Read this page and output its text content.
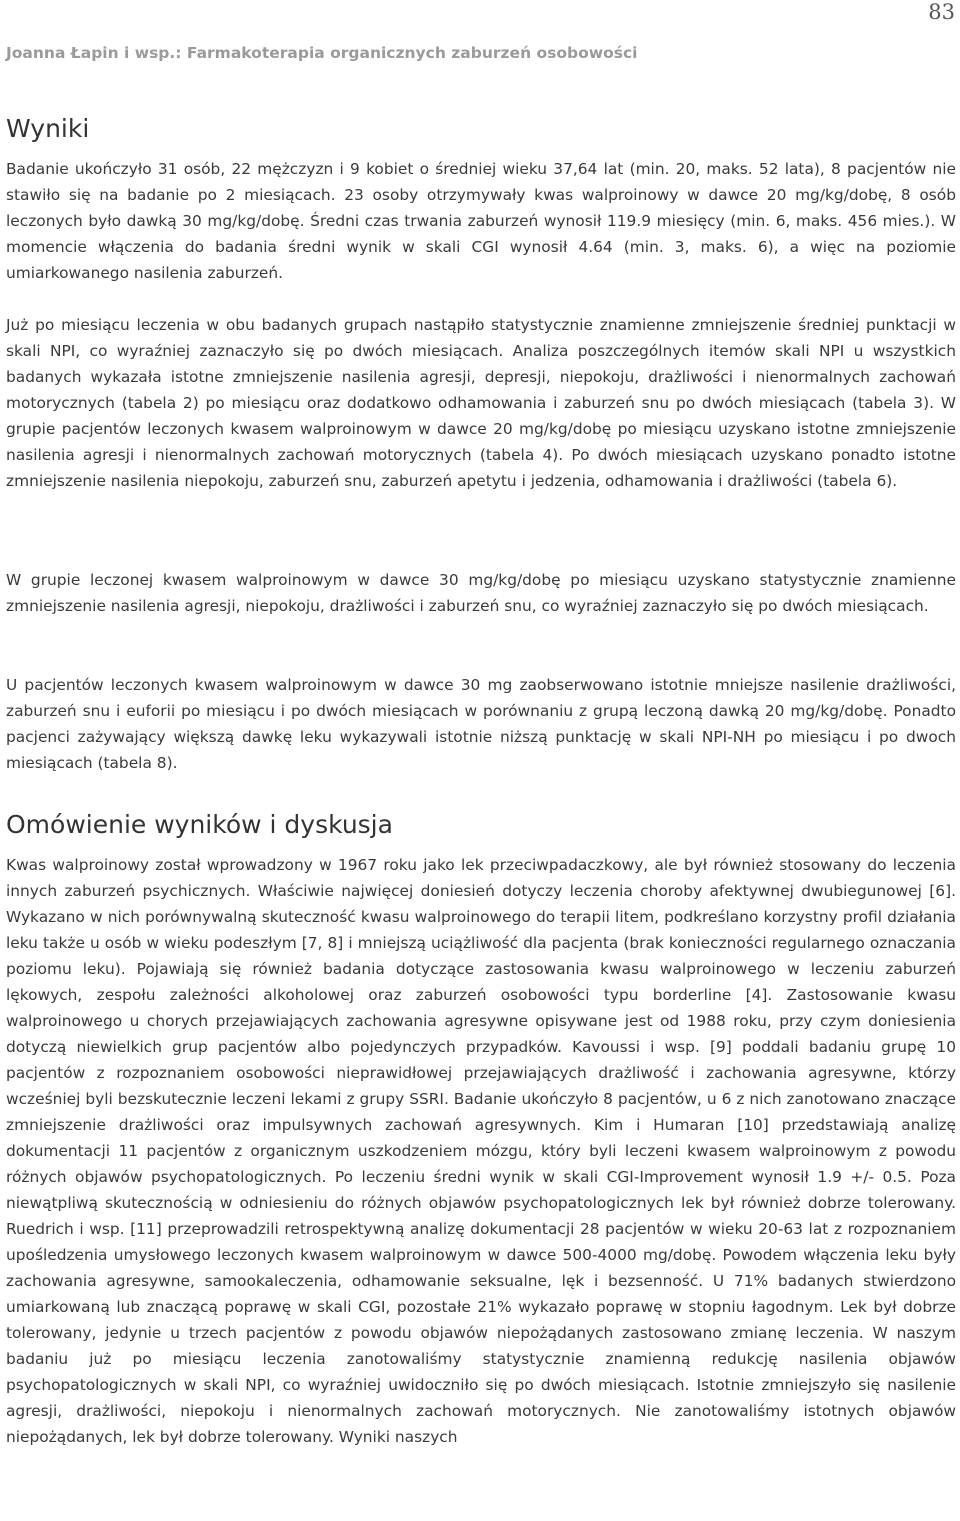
83
Joanna Łapin i wsp.: Farmakoterapia organicznych zaburzeń osobowości
Wyniki

Badanie ukończyło 31 osób, 22 mężczyzn i 9 kobiet o średniej wieku 37,64 lat (min. 20, maks. 52 lata), 8 pacjentów nie stawiło się na badanie po 2 miesiącach. 23 osoby otrzymywały kwas walproinowy w dawce 20 mg/kg/dobę, 8 osób leczonych było dawką 30 mg/kg/dobę. Średni czas trwania zaburzeń wynosił 119.9 miesięcy (min. 6, maks. 456 mies.). W momencie włączenia do badania średni wynik w skali CGI wynosił 4.64 (min. 3, maks. 6), a więc na poziomie umiarkowanego nasilenia zaburzeń.

Już po miesiącu leczenia w obu badanych grupach nastąpiło statystycznie znamienne zmniejszenie średniej punktacji w skali NPI, co wyraźniej zaznaczyło się po dwóch miesiącach. Analiza poszczególnych itemów skali NPI u wszystkich badanych wykazała istotne zmniejszenie nasilenia agresji, depresji, niepokoju, drażliwości i nienormalnych zachowań motorycznych (tabela 2) po miesiącu oraz dodatkowo odhamowania i zaburzeń snu po dwóch miesiącach (tabela 3). W grupie pacjentów leczonych kwasem walproinowym w dawce 20 mg/kg/dobę po miesiącu uzyskano istotne zmniejszenie nasilenia agresji i nienormalnych zachowań motorycznych (tabela 4). Po dwóch miesiącach uzyskano ponadto istotne zmniejszenie nasilenia niepokoju, zaburzeń snu, zaburzeń apetytu i jedzenia, odhamowania i drażliwości (tabela 6).

W grupie leczonej kwasem walproinowym w dawce 30 mg/kg/dobę po miesiącu uzyskano statystycznie znamienne zmniejszenie nasilenia agresji, niepokoju, drażliwości i zaburzeń snu, co wyraźniej zaznaczyło się po dwóch miesiącach.

U pacjentów leczonych kwasem walproinowym w dawce 30 mg zaobserwowano istotnie mniejsze nasilenie drażliwości, zaburzeń snu i euforii po miesiącu i po dwóch miesiącach w porównaniu z grupą leczoną dawką 20 mg/kg/dobę. Ponadto pacjenci zażywający większą dawkę leku wykazywali istotnie niższą punktację w skali NPI-NH po miesiącu i po dwoch miesiącach (tabela 8).

Omówienie wyników i dyskusja

Kwas walproinowy został wprowadzony w 1967 roku jako lek przeciwpadaczkowy, ale był również stosowany do leczenia innych zaburzeń psychicznych. Właściwie najwięcej doniesień dotyczy leczenia choroby afektywnej dwubiegunowej [6]. Wykazano w nich porównywalną skuteczność kwasu walproinowego do terapii litem, podkreślano korzystny profil działania leku także u osób w wieku podeszłym [7, 8] i mniejszą uciążliwość dla pacjenta (brak konieczności regularnego oznaczania poziomu leku). Pojawiają się również badania dotyczące zastosowania kwasu walproinowego w leczeniu zaburzeń lękowych, zespołu zależności alkoholowej oraz zaburzeń osobowości typu borderline [4]. Zastosowanie kwasu walproinowego u chorych przejawiających zachowania agresywne opisywane jest od 1988 roku, przy czym doniesienia dotyczą niewielkich grup pacjentów albo pojedynczych przypadków. Kavoussi i wsp. [9] poddali badaniu grupę 10 pacjentów z rozpoznaniem osobowości nieprawidłowej przejawiających drażliwość i zachowania agresywne, którzy wcześniej byli bezskutecznie leczeni lekami z grupy SSRI. Badanie ukończyło 8 pacjentów, u 6 z nich zanotowano znaczące zmniejszenie drażliwości oraz impulsywnych zachowań agresywnych. Kim i Humaran [10] przedstawiają analizę dokumentacji 11 pacjentów z organicznym uszkodzeniem mózgu, który byli leczeni kwasem walproinowym z powodu różnych objawów psychopatologicznych. Po leczeniu średni wynik w skali CGI-Improvement wynosił 1.9 +/- 0.5. Poza niewątpliwą skutecznością w odniesieniu do różnych objawów psychopatologicznych lek był również dobrze tolerowany. Ruedrich i wsp. [11] przeprowadzili retrospektywną analizę dokumentacji 28 pacjentów w wieku 20-63 lat z rozpoznaniem upośledzenia umysłowego leczonych kwasem walproinowym w dawce 500-4000 mg/dobę. Powodem włączenia leku były zachowania agresywne, samookaleczenia, odhamowanie seksualne, lęk i bezsenność. U 71% badanych stwierdzono umiarkowaną lub znaczącą poprawę w skali CGI, pozostałe 21% wykazało poprawę w stopniu łagodnym. Lek był dobrze tolerowany, jedynie u trzech pacjentów z powodu objawów niepożądanych zastosowano zmianę leczenia. W naszym badaniu już po miesiącu leczenia zanotowaliśmy statystycznie znamienną redukcję nasilenia objawów psychopatologicznych w skali NPI, co wyraźniej uwidoczniło się po dwóch miesiącach. Istotnie zmniejszyło się nasilenie agresji, drażliwości, niepokoju i nienormalnych zachowań motorycznych. Nie zanotowaliśmy istotnych objawów niepożądanych, lek był dobrze tolerowany. Wyniki naszych
